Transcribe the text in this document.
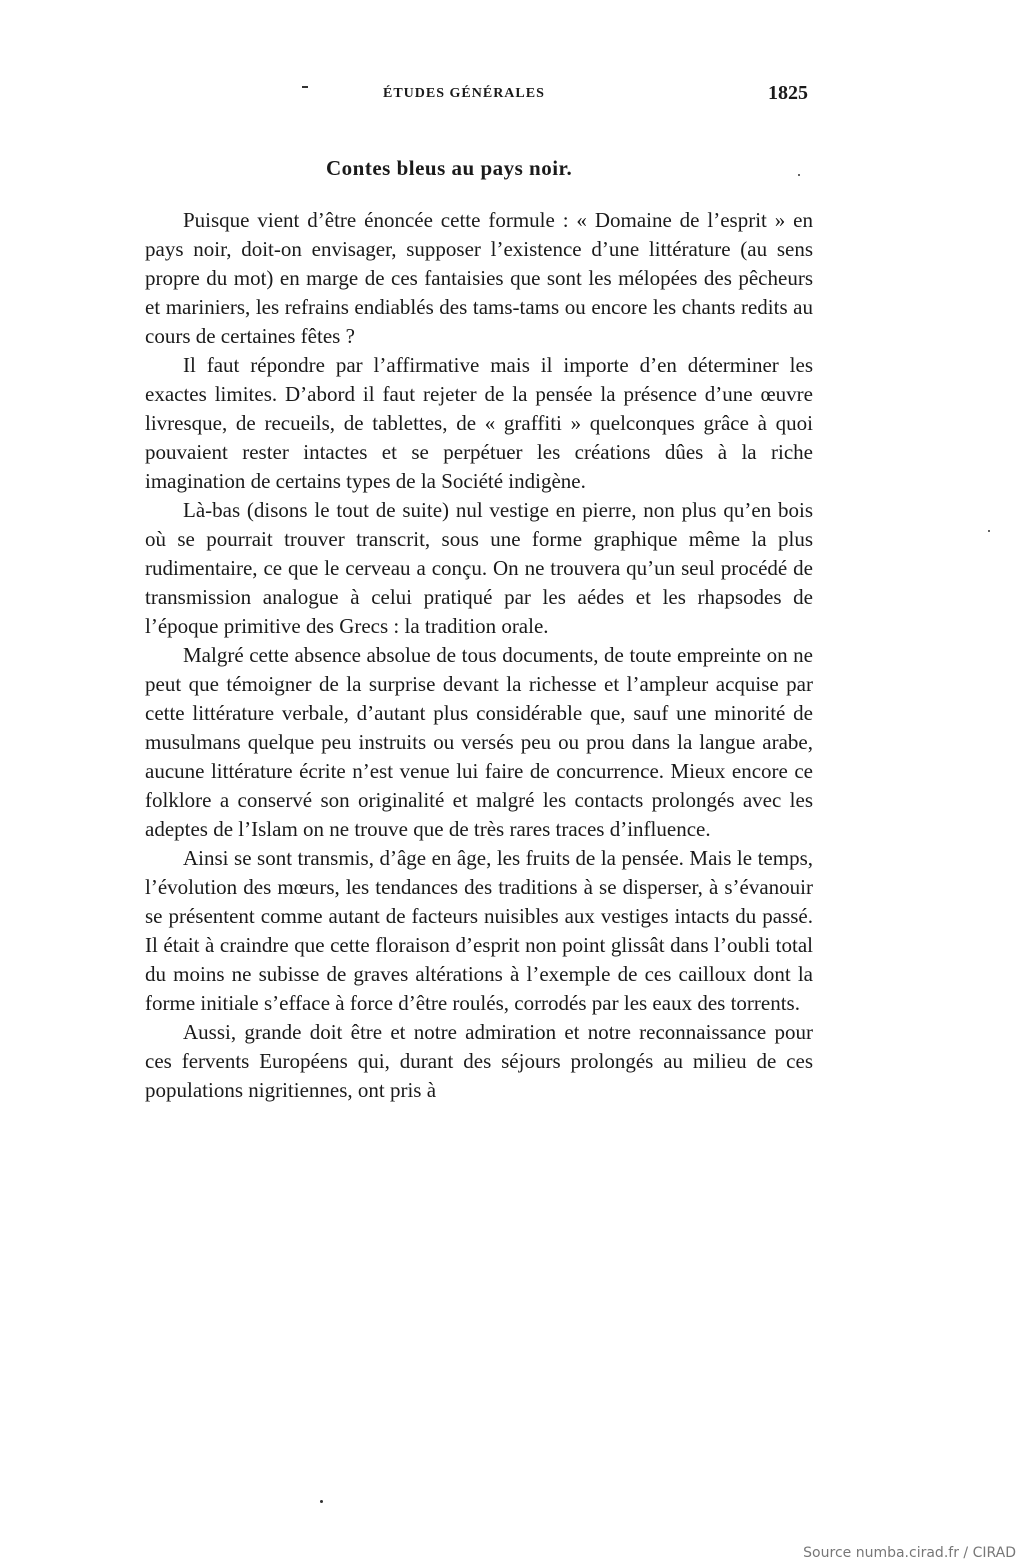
ÉTUDES GÉNÉRALES	1825
Contes bleus au pays noir.

Puisque vient d’être énoncée cette formule : « Domaine de l’esprit » en pays noir, doit-on envisager, supposer l’existence d’une littérature (au sens propre du mot) en marge de ces fantaisies que sont les mélopées des pêcheurs et mariniers, les refrains endiablés des tams-tams ou encore les chants redits au cours de certaines fêtes ?

Il faut répondre par l’affirmative mais il importe d’en déterminer les exactes limites. D’abord il faut rejeter de la pensée la présence d’une œuvre livresque, de recueils, de tablettes, de « graffiti » quelconques grâce à quoi pouvaient rester intactes et se perpétuer les créations dûes à la riche imagination de certains types de la Société indigène.

Là-bas (disons le tout de suite) nul vestige en pierre, non plus qu’en bois où se pourrait trouver transcrit, sous une forme graphique même la plus rudimentaire, ce que le cerveau a conçu. On ne trouvera qu’un seul procédé de transmission analogue à celui pratiqué par les aédes et les rhapsodes de l’époque primitive des Grecs : la tradition orale.

Malgré cette absence absolue de tous documents, de toute empreinte on ne peut que témoigner de la surprise devant la richesse et l’ampleur acquise par cette littérature verbale, d’autant plus considérable que, sauf une minorité de musulmans quelque peu instruits ou versés peu ou prou dans la langue arabe, aucune littérature écrite n’est venue lui faire de concurrence. Mieux encore ce folklore a conservé son originalité et malgré les contacts prolongés avec les adeptes de l’Islam on ne trouve que de très rares traces d’influence.

Ainsi se sont transmis, d’âge en âge, les fruits de la pensée. Mais le temps, l’évolution des mœurs, les tendances des traditions à se disperser, à s’évanouir se présentent comme autant de facteurs nuisibles aux vestiges intacts du passé. Il était à craindre que cette floraison d’esprit non point glissât dans l’oubli total du moins ne subisse de graves altérations à l’exemple de ces cailloux dont la forme initiale s’efface à force d’être roulés, corrodés par les eaux des torrents.

Aussi, grande doit être et notre admiration et notre reconnaissance pour ces fervents Européens qui, durant des séjours prolongés au milieu de ces populations nigritiennes, ont pris à

Source numba.cirad.fr / CIRAD
